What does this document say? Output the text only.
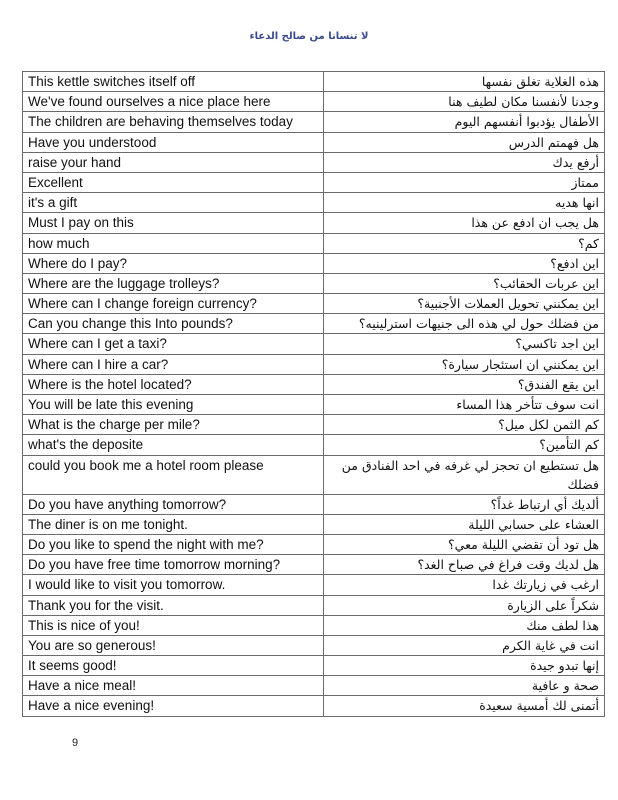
لا تنسانا من صالح الدعاء
This kettle switches itself off	هذه الغلاية تغلق نفسها
We've found ourselves a nice place here	وجدنا لأنفسنا مكان لطيف هنا
The children are behaving themselves today	الأطفال يؤدبوا أنفسهم اليوم
Have you understood	هل فهمتم الدرس
raise your hand	أرفع يدك
Excellent	ممتاز
it's a gift	انها هديه
Must I pay on this	هل يجب ان ادفع عن هذا
how much	كم؟
Where do I pay?	اين ادفع؟
Where are the luggage trolleys?	اين عربات الحقائب؟
Where can I change foreign currency?	اين يمكنني تحويل العملات الأجنبية؟
Can you change this Into pounds?	من فضلك حول لي هذه الى جنيهات استرلينيه؟
Where can I get a taxi?	اين اجد تاكسي؟
Where can I hire a car?	اين يمكنني ان استئجار سيارة؟
Where is the hotel located?	اين يقع الفندق؟
You will be late this evening	انت سوف تتأخر هذا المساء
What is the charge per mile?	كم الثمن لكل ميل؟
what's the deposite	كم التأمين؟
could you book me a hotel room please	هل تستطيع ان تحجز لي غرفه في احد الفنادق من فضلك
Do you have anything tomorrow?	ألديك أي ارتباط غداً؟
The diner is on me tonight.	العشاء على حسابي الليلة
Do you like to spend the night with me?	هل تود أن تقضي الليلة معي؟
Do you have free time tomorrow morning?	هل لديك وقت فراغ في صباح الغد؟
I would like to visit you tomorrow.	ارغب في زيارتك غدا
Thank you for the visit.	شكراً على الزيارة
This is nice of you!	هذا لطف منك
You are so generous!	انت في غاية الكرم
It seems good!	إنها تبدو جيدة
Have a nice meal!	صحة و عافية
Have a nice evening!	أتمنى لك أمسية سعيدة
9
